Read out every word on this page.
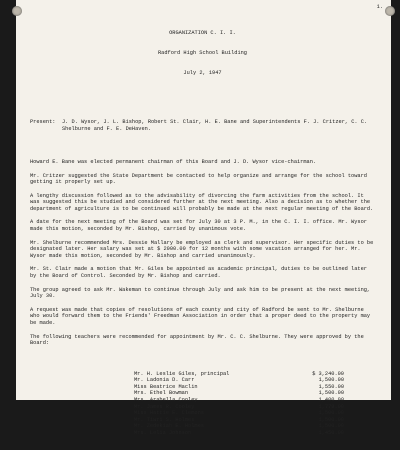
1.

ORGANIZATION C. I. I.

Radford High School Building

July 2, 1947

Present:	J. D. Wysor, J. L. Bishop, Robert St. Clair, H. E. Bane and Superintendents F. J. Critzer, C. C. Shelburne and F. E. DeHaven.

Howard E. Bane was elected permanent chairman of this Board and J. D. Wysor vice-chairman.
Mr. Critzer suggested the State Department be contacted to help organize and arrange for the school toward getting it properly set up.
A lengthy discussion followed as to the advisability of divorcing the farm activities from the school. It was suggested this be studied and considered further at the next meeting. Also a decision as to whether the department of agriculture is to be continued will probably be made at the next regular meeting of the Board.
A date for the next meeting of the Board was set for July 30 at 3 P. M., in the C. I. I. office. Mr. Wysor made this motion, seconded by Mr. Bishop, carried by unanimous vote.
Mr. Shelburne recommended Mrs. Dessie Mallary be employed as clerk and supervisor. Her specific duties to be designated later. Her salary was set at $ 2000.00 for 12 months with some vacation arranged for her. Mr. Wysor made this motion, seconded by Mr. Bishop and carried unanimously.
Mr. St. Clair made a motion that Mr. Giles be appointed as academic principal, duties to be outlined later by the Board of Control. Seconded by Mr. Bishop and carried.
The group agreed to ask Mr. Wakeman to continue through July and ask him to be present at the next meeting, July 30.
A request was made that copies of resolutions of each county and city of Radford be sent to Mr. Shelburne who would forward them to the Friends' Freedman Association in order that a proper deed to the property may be made.
The following teachers were recommended for appointment by Mr. C. C. Shelburne. They were approved by the Board:

Mr. H. Leslie Giles, principal	$ 3,240.00
Mr. Ladonia D. Carr	1,500.00
Miss Beatrice Maclin	1,550.00
Mrs. Ethel Bowman	1,500.00
Mrs. Arabella Cooley	1,400.00
Mr. James R. Cooley	1,779.00
Miss Hattie E. Clemons	1,500.00
Mr. Tiwri S. Holmes	1,500.00
Mr. Zedekiah E. Holmes	1,500.00
Mrs. Lelia Johnson	1,450.00
